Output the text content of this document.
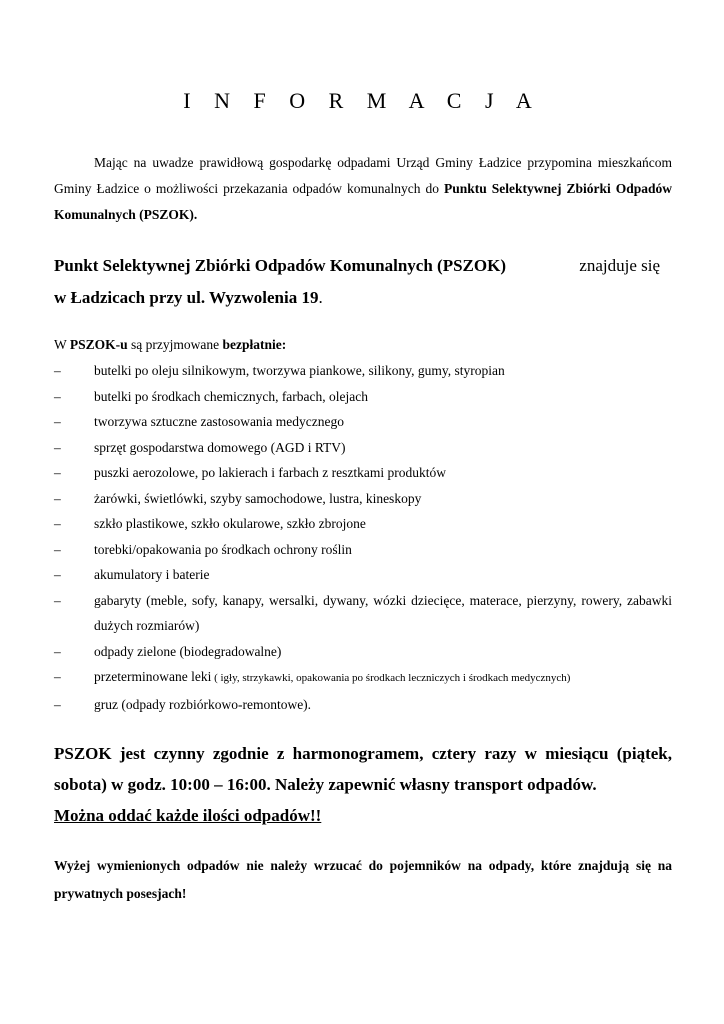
I N F O R M A C J A
Mając na uwadze prawidłową gospodarkę odpadami Urząd Gminy Ładzice przypomina mieszkańcom Gminy Ładzice o możliwości przekazania odpadów komunalnych do Punktu Selektywnej Zbiórki Odpadów Komunalnych (PSZOK).
Punkt Selektywnej Zbiórki Odpadów Komunalnych (PSZOK)	znajduje się
w Ładzicach przy ul. Wyzwolenia 19.
W PSZOK-u są przyjmowane bezpłatnie:
– butelki po oleju silnikowym, tworzywa piankowe, silikony, gumy, styropian
– butelki po środkach chemicznych, farbach, olejach
– tworzywa sztuczne zastosowania medycznego
– sprzęt gospodarstwa domowego (AGD i RTV)
– puszki aerozolowe, po lakierach i farbach z resztkami produktów
– żarówki, świetlówki, szyby samochodowe, lustra, kineskopy
– szkło plastikowe, szkło okularowe, szkło zbrojone
– torebki/opakowania po środkach ochrony roślin
– akumulatory i baterie
– gabaryty (meble, sofy, kanapy, wersalki, dywany, wózki dziecięce, materace, pierzyny, rowery, zabawki dużych rozmiarów)
– odpady zielone (biodegradowalne)
– przeterminowane leki ( igły, strzykawki, opakowania po środkach leczniczych i środkach medycznych)
– gruz (odpady rozbiórkowo-remontowe).
PSZOK jest czynny zgodnie z harmonogramem, cztery razy w miesiącu (piątek, sobota) w godz. 10:00 – 16:00. Należy zapewnić własny transport odpadów.
Można oddać każde ilości odpadów!!
Wyżej wymienionych odpadów nie należy wrzucać do pojemników na odpady, które znajdują się na prywatnych posesjach!
